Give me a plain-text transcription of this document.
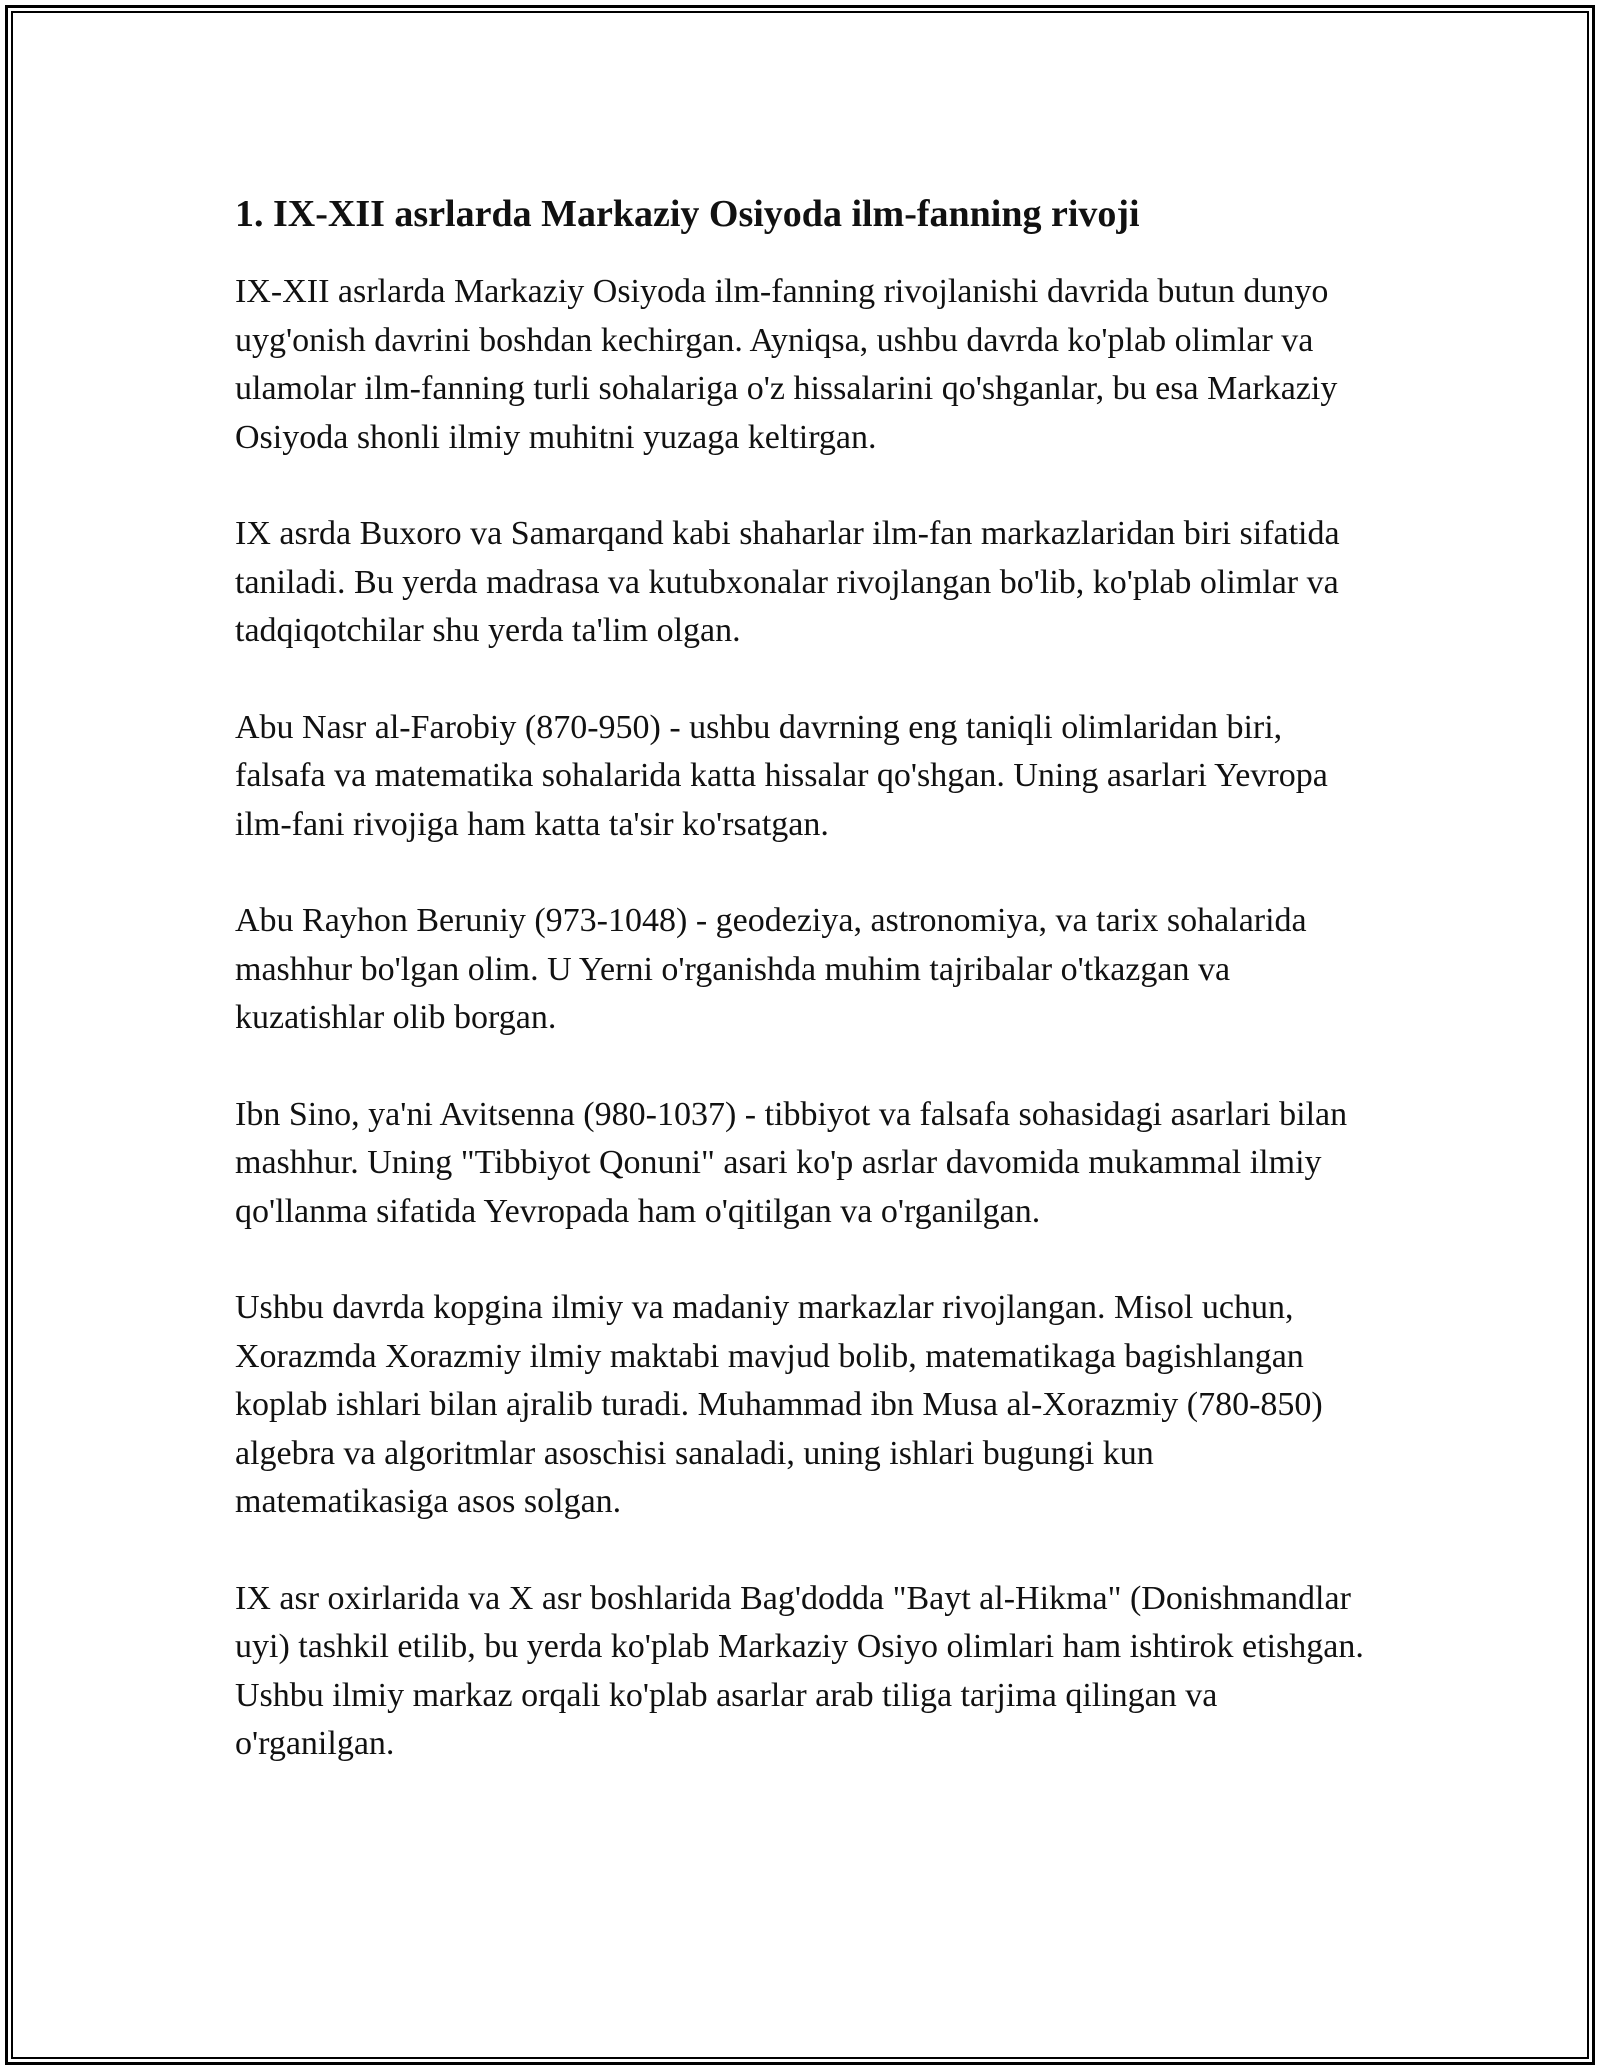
1. IX-XII asrlarda Markaziy Osiyoda ilm-fanning rivoji

IX-XII asrlarda Markaziy Osiyoda ilm-fanning rivojlanishi davrida butun dunyo uyg'onish davrini boshdan kechirgan. Ayniqsa, ushbu davrda ko'plab olimlar va ulamolar ilm-fanning turli sohalariga o'z hissalarini qo'shganlar, bu esa Markaziy Osiyoda shonli ilmiy muhitni yuzaga keltirgan.

IX asrda Buxoro va Samarqand kabi shaharlar ilm-fan markazlaridan biri sifatida taniladi. Bu yerda madrasa va kutubxonalar rivojlangan bo'lib, ko'plab olimlar va tadqiqotchilar shu yerda ta'lim olgan.

Abu Nasr al-Farobiy (870-950) - ushbu davrning eng taniqli olimlaridan biri, falsafa va matematika sohalarida katta hissalar qo'shgan. Uning asarlari Yevropa ilm-fani rivojiga ham katta ta'sir ko'rsatgan.

Abu Rayhon Beruniy (973-1048) - geodeziya, astronomiya, va tarix sohalarida mashhur bo'lgan olim. U Yerni o'rganishda muhim tajribalar o'tkazgan va kuzatishlar olib borgan.

Ibn Sino, ya'ni Avitsenna (980-1037) - tibbiyot va falsafa sohasidagi asarlari bilan mashhur. Uning "Tibbiyot Qonuni" asari ko'p asrlar davomida mukammal ilmiy qo'llanma sifatida Yevropada ham o'qitilgan va o'rganilgan.

Ushbu davrda kopgina ilmiy va madaniy markazlar rivojlangan. Misol uchun, Xorazmda Xorazmiy ilmiy maktabi mavjud bolib, matematikaga bagishlangan koplab ishlari bilan ajralib turadi. Muhammad ibn Musa al-Xorazmiy (780-850) algebra va algoritmlar asoschisi sanaladi, uning ishlari bugungi kun matematikasiga asos solgan.

IX asr oxirlarida va X asr boshlarida Bag'dodda "Bayt al-Hikma" (Donishmandlar uyi) tashkil etilib, bu yerda ko'plab Markaziy Osiyo olimlari ham ishtirok etishgan. Ushbu ilmiy markaz orqali ko'plab asarlar arab tiliga tarjima qilingan va o'rganilgan.
